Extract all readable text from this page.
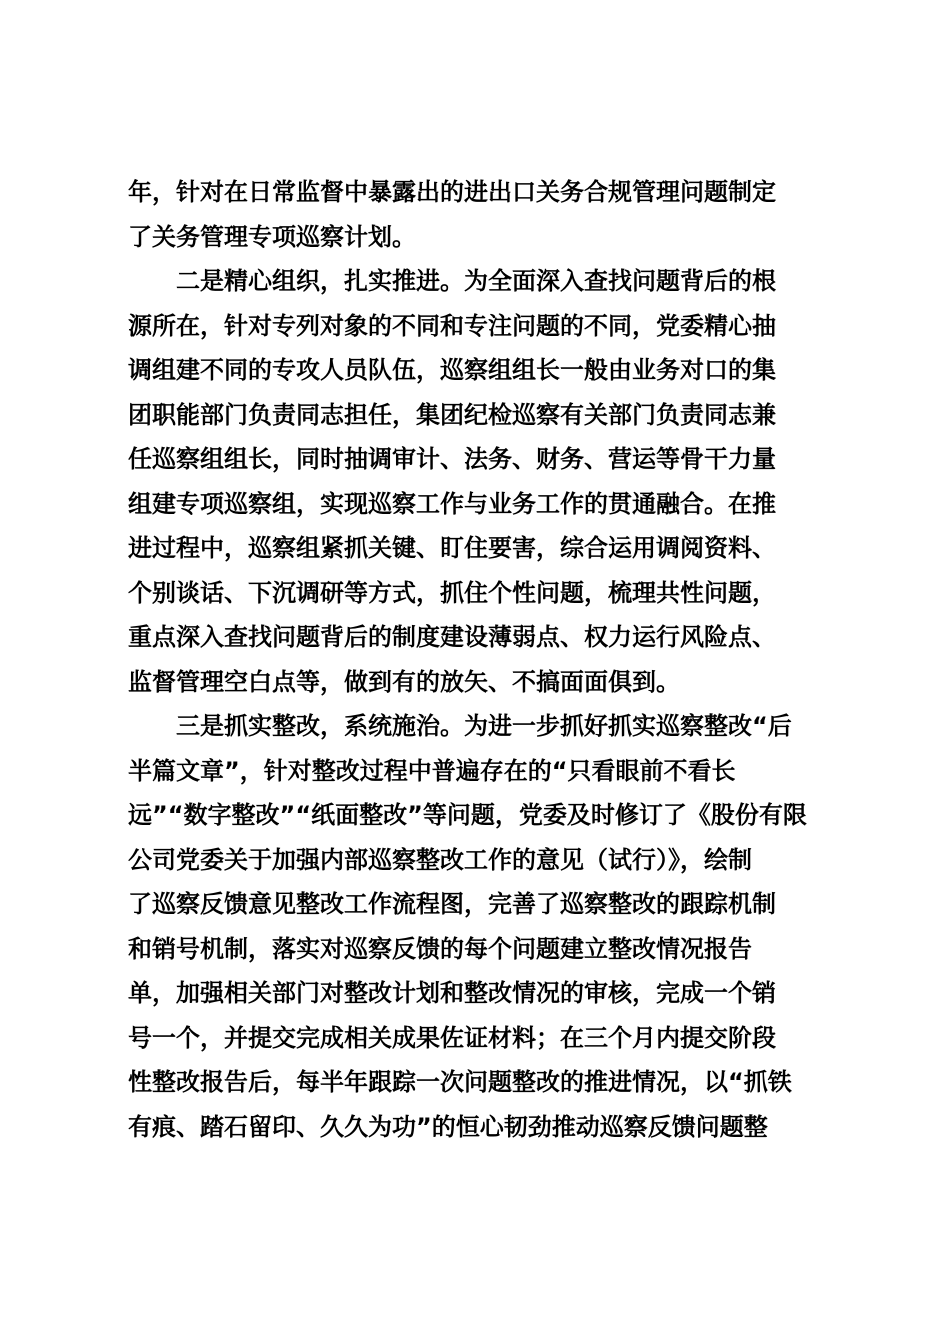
年，针对在日常监督中暴露出的进出口关务合规管理问题制定
了关务管理专项巡察计划。
二是精心组织，扎实推进。为全面深入查找问题背后的根
源所在，针对专列对象的不同和专注问题的不同，党委精心抽
调组建不同的专攻人员队伍，巡察组组长一般由业务对口的集
团职能部门负责同志担任，集团纪检巡察有关部门负责同志兼
任巡察组组长，同时抽调审计、法务、财务、营运等骨干力量
组建专项巡察组，实现巡察工作与业务工作的贯通融合。在推
进过程中，巡察组紧抓关键、盯住要害，综合运用调阅资料、
个别谈话、下沉调研等方式，抓住个性问题，梳理共性问题，
重点深入查找问题背后的制度建设薄弱点、权力运行风险点、
监督管理空白点等，做到有的放矢、不搞面面俱到。
三是抓实整改，系统施治。为进一步抓好抓实巡察整改“后
半篇文章”，针对整改过程中普遍存在的“只看眼前不看长
远”“数字整改”“纸面整改”等问题，党委及时修订了《股份有限
公司党委关于加强内部巡察整改工作的意见（试行）》，绘制
了巡察反馈意见整改工作流程图，完善了巡察整改的跟踪机制
和销号机制，落实对巡察反馈的每个问题建立整改情况报告
单，加强相关部门对整改计划和整改情况的审核，完成一个销
号一个，并提交完成相关成果佐证材料；在三个月内提交阶段
性整改报告后，每半年跟踪一次问题整改的推进情况，以“抓铁
有痕、踏石留印、久久为功”的恒心韧劲推动巡察反馈问题整
